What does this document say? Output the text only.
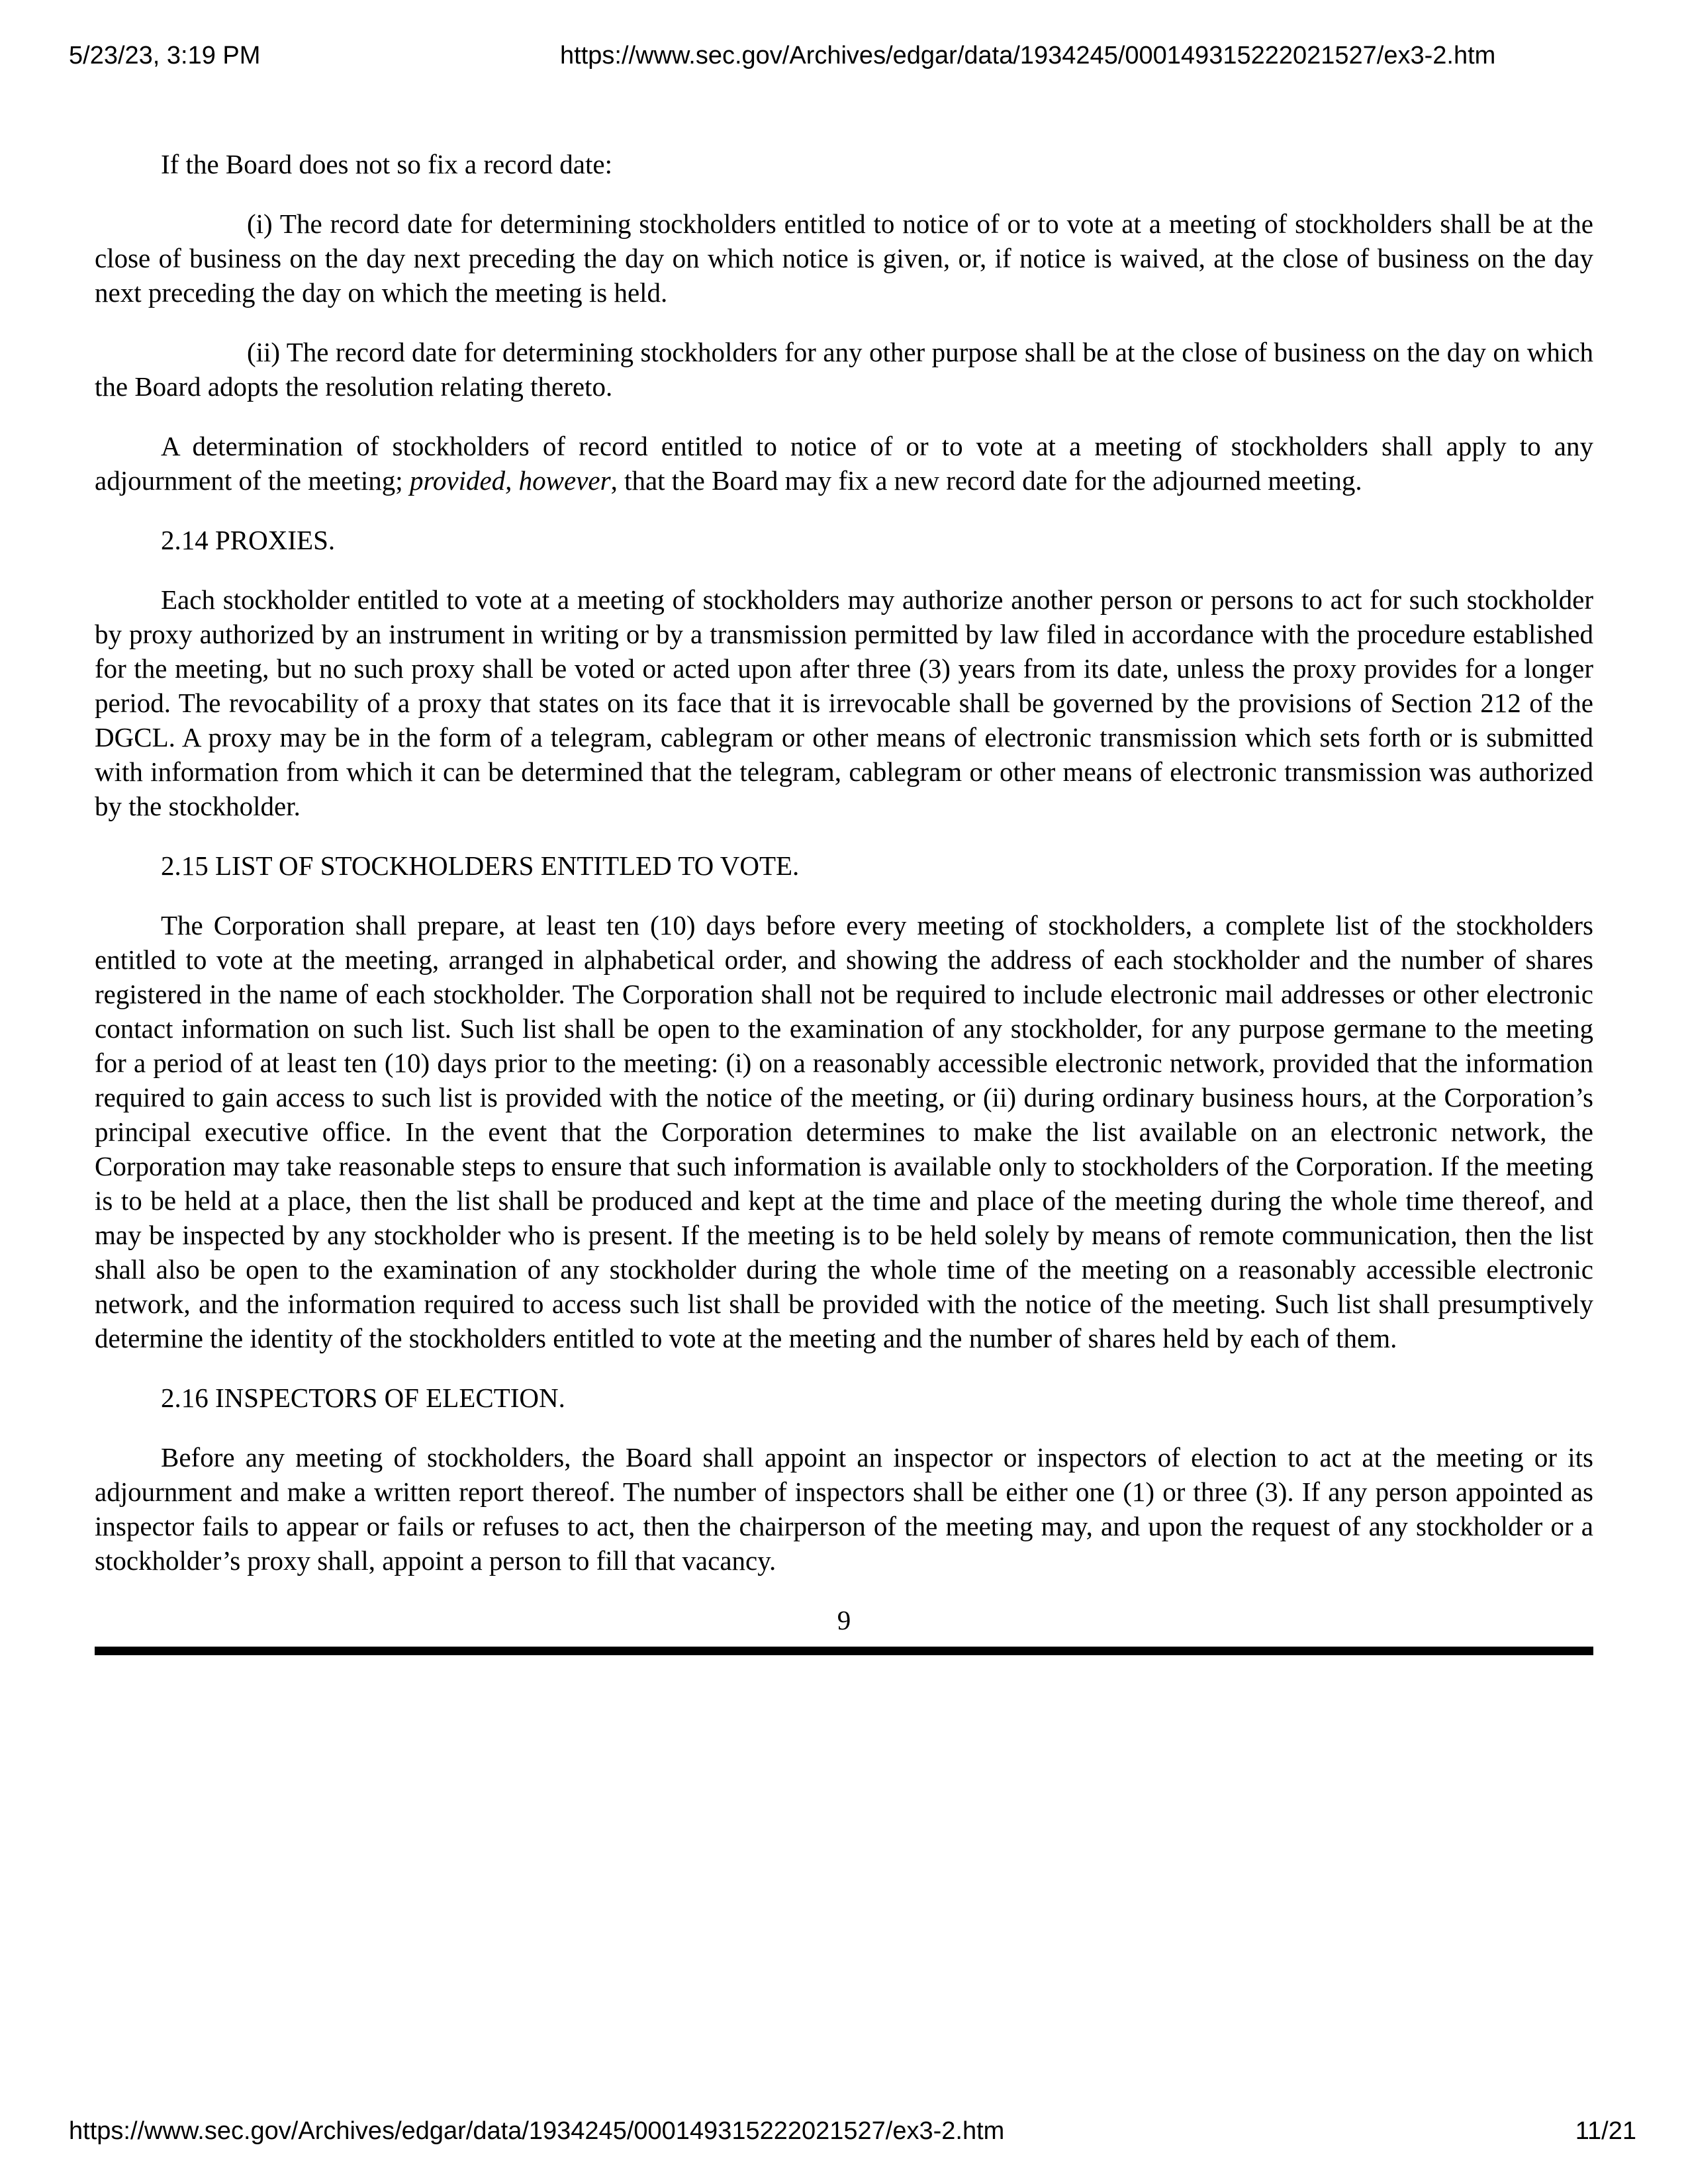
5/23/23, 3:19 PM	https://www.sec.gov/Archives/edgar/data/1934245/000149315222021527/ex3-2.htm

If the Board does not so fix a record date:

(i) The record date for determining stockholders entitled to notice of or to vote at a meeting of stockholders shall be at the close of business on the day next preceding the day on which notice is given, or, if notice is waived, at the close of business on the day next preceding the day on which the meeting is held.

(ii) The record date for determining stockholders for any other purpose shall be at the close of business on the day on which the Board adopts the resolution relating thereto.

A determination of stockholders of record entitled to notice of or to vote at a meeting of stockholders shall apply to any adjournment of the meeting; provided, however, that the Board may fix a new record date for the adjourned meeting.

2.14 PROXIES.

Each stockholder entitled to vote at a meeting of stockholders may authorize another person or persons to act for such stockholder by proxy authorized by an instrument in writing or by a transmission permitted by law filed in accordance with the procedure established for the meeting, but no such proxy shall be voted or acted upon after three (3) years from its date, unless the proxy provides for a longer period. The revocability of a proxy that states on its face that it is irrevocable shall be governed by the provisions of Section 212 of the DGCL. A proxy may be in the form of a telegram, cablegram or other means of electronic transmission which sets forth or is submitted with information from which it can be determined that the telegram, cablegram or other means of electronic transmission was authorized by the stockholder.

2.15 LIST OF STOCKHOLDERS ENTITLED TO VOTE.

The Corporation shall prepare, at least ten (10) days before every meeting of stockholders, a complete list of the stockholders entitled to vote at the meeting, arranged in alphabetical order, and showing the address of each stockholder and the number of shares registered in the name of each stockholder. The Corporation shall not be required to include electronic mail addresses or other electronic contact information on such list. Such list shall be open to the examination of any stockholder, for any purpose germane to the meeting for a period of at least ten (10) days prior to the meeting: (i) on a reasonably accessible electronic network, provided that the information required to gain access to such list is provided with the notice of the meeting, or (ii) during ordinary business hours, at the Corporation’s principal executive office. In the event that the Corporation determines to make the list available on an electronic network, the Corporation may take reasonable steps to ensure that such information is available only to stockholders of the Corporation. If the meeting is to be held at a place, then the list shall be produced and kept at the time and place of the meeting during the whole time thereof, and may be inspected by any stockholder who is present. If the meeting is to be held solely by means of remote communication, then the list shall also be open to the examination of any stockholder during the whole time of the meeting on a reasonably accessible electronic network, and the information required to access such list shall be provided with the notice of the meeting. Such list shall presumptively determine the identity of the stockholders entitled to vote at the meeting and the number of shares held by each of them.

2.16 INSPECTORS OF ELECTION.

Before any meeting of stockholders, the Board shall appoint an inspector or inspectors of election to act at the meeting or its adjournment and make a written report thereof. The number of inspectors shall be either one (1) or three (3). If any person appointed as inspector fails to appear or fails or refuses to act, then the chairperson of the meeting may, and upon the request of any stockholder or a stockholder’s proxy shall, appoint a person to fill that vacancy.

9

https://www.sec.gov/Archives/edgar/data/1934245/000149315222021527/ex3-2.htm	11/21
